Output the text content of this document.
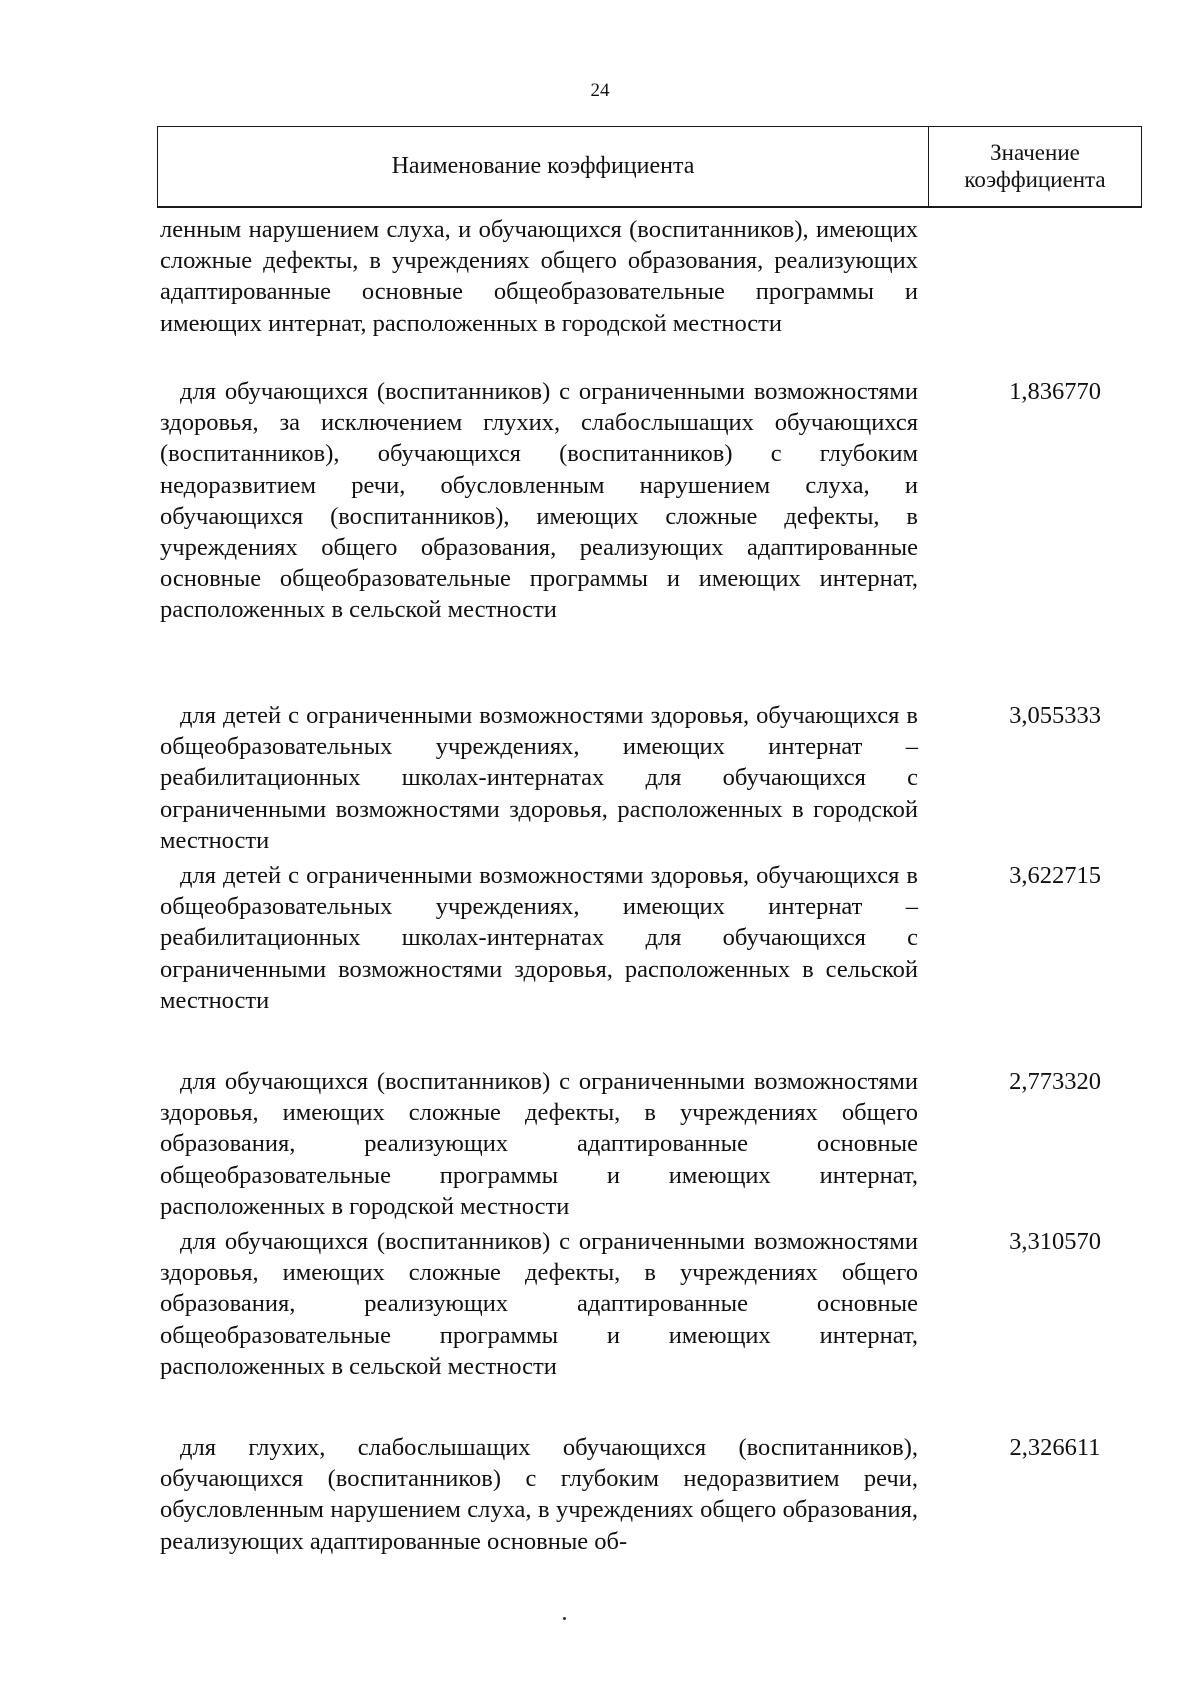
24
Наименование коэффициента
Значение
коэффициента
ленным нарушением слуха, и обучающихся (воспитанников), имеющих сложные дефекты, в учреждениях общего образования, реализующих адаптированные основные общеобразовательные программы и имеющих интернат, расположенных в городской местности
для обучающихся (воспитанников) с ограниченными возможностями здоровья, за исключением глухих, слабослышащих обучающихся (воспитанников), обучающихся (воспитанников) с глубоким недоразвитием речи, обусловленным нарушением слуха, и обучающихся (воспитанников), имеющих сложные дефекты, в учреждениях общего образования, реализующих адаптированные основные общеобразовательные программы и имеющих интернат, расположенных в сельской местности
1,836770
для детей с ограниченными возможностями здоровья, обучающихся в общеобразовательных учреждениях, имеющих интернат – реабилитационных школах-интернатах для обучающихся с ограниченными возможностями здоровья, расположенных в городской местности
3,055333
для детей с ограниченными возможностями здоровья, обучающихся в общеобразовательных учреждениях, имеющих интернат – реабилитационных школах-интернатах для обучающихся с ограниченными возможностями здоровья, расположенных в сельской местности
3,622715
для обучающихся (воспитанников) с ограниченными возможностями здоровья, имеющих сложные дефекты, в учреждениях общего образования, реализующих адаптированные основные общеобразовательные программы и имеющих интернат, расположенных в городской местности
2,773320
для обучающихся (воспитанников) с ограниченными возможностями здоровья, имеющих сложные дефекты, в учреждениях общего образования, реализующих адаптированные основные общеобразовательные программы и имеющих интернат, расположенных в сельской местности
3,310570
для глухих, слабослышащих обучающихся (воспитанников), обучающихся (воспитанников) с глубоким недоразвитием речи, обусловленным нарушением слуха, в учреждениях общего образования, реализующих адаптированные основные об-
2,326611
